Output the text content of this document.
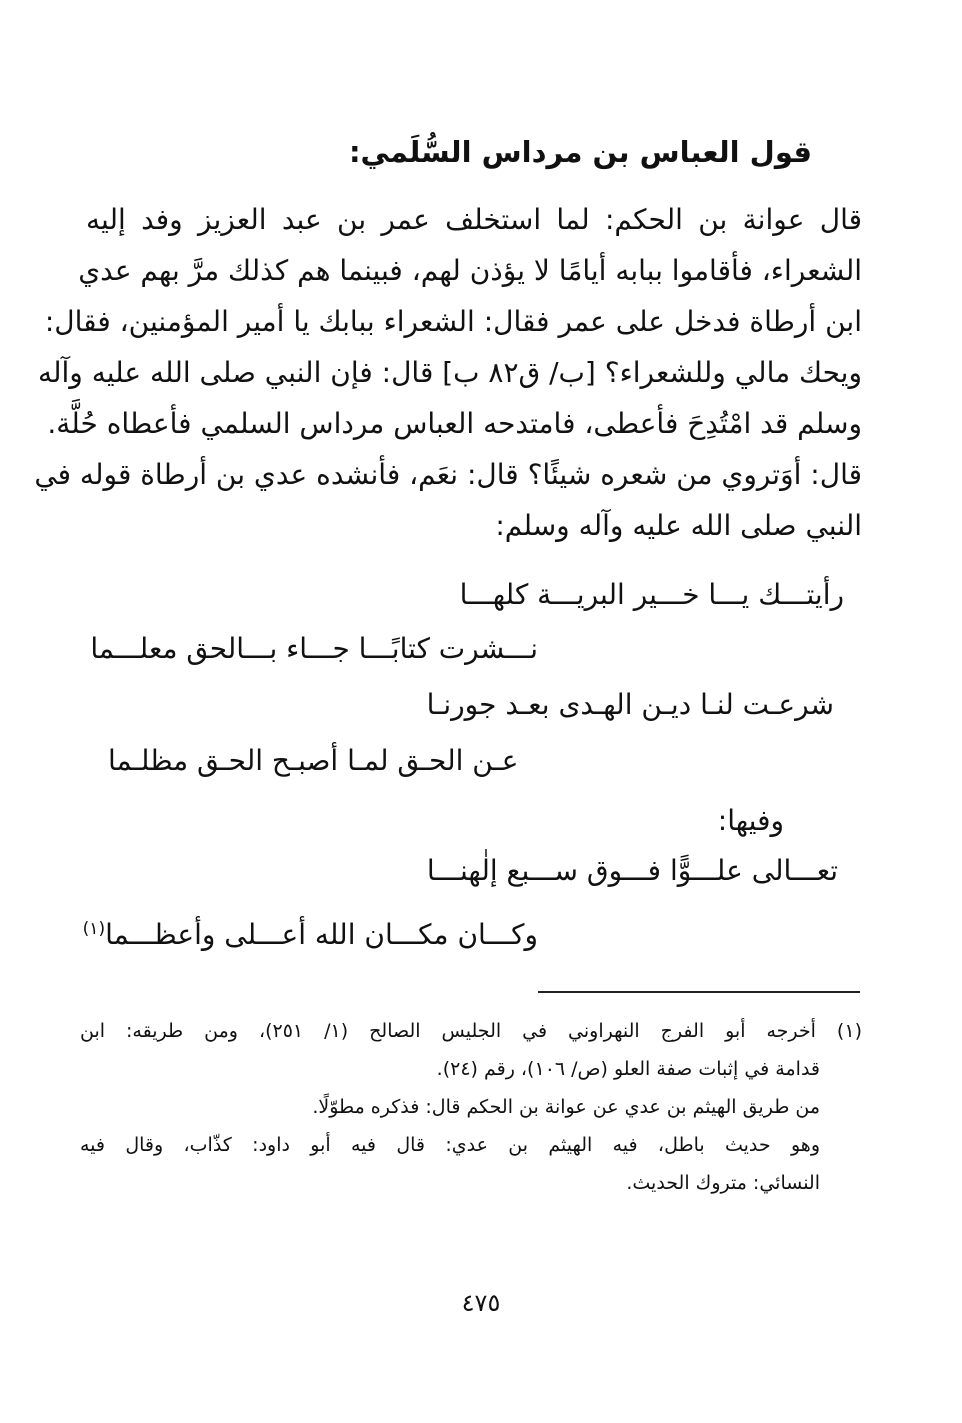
قول العباس بن مرداس السُّلَمي:
قال عوانة بن الحكم: لما استخلف عمر بن عبد العزيز وفد إليه
الشعراء، فأقاموا ببابه أيامًا لا يؤذن لهم، فبينما هم كذلك مرَّ بهم عدي
ابن أرطاة فدخل على عمر فقال: الشعراء ببابك يا أمير المؤمنين، فقال:
ويحك مالي وللشعراء؟ [ب/ ق٨٢ ب] قال: فإن النبي صلى الله عليه وآله
وسلم قد امْتُدِحَ فأعطى، فامتدحه العباس مرداس السلمي فأعطاه حُلَّة.
قال: أوَتروي من شعره شيئًا؟ قال: نعَم، فأنشده عدي بن أرطاة قوله في
النبي صلى الله عليه وآله وسلم:
رأيتـــك يـــا خـــير البريـــة كلهـــا
نـــشرت كتابًـــا جـــاء بـــالحق معلـــما
شرعـت لنـا ديـن الهـدى بعـد جورنـا
عـن الحـق لمـا أصبـح الحـق مظلـما
وفيها:
تعـــالى علـــوًّا فـــوق ســـبع إلٰهنـــا
وكـــان مكـــان الله أعـــلى وأعظـــما$^{(١)}$
(١) أخرجه أبو الفرج النهراوني في الجليس الصالح (١/ ٢٥١)، ومن طريقه: ابن
قدامة في إثبات صفة العلو (ص/ ١٠٦)، رقم (٢٤).
من طريق الهيثم بن عدي عن عوانة بن الحكم قال: فذكره مطوّلًا.
وهو حديث باطل، فيه الهيثم بن عدي: قال فيه أبو داود: كذّاب، وقال فيه
النسائي: متروك الحديث.
٤٧٥
